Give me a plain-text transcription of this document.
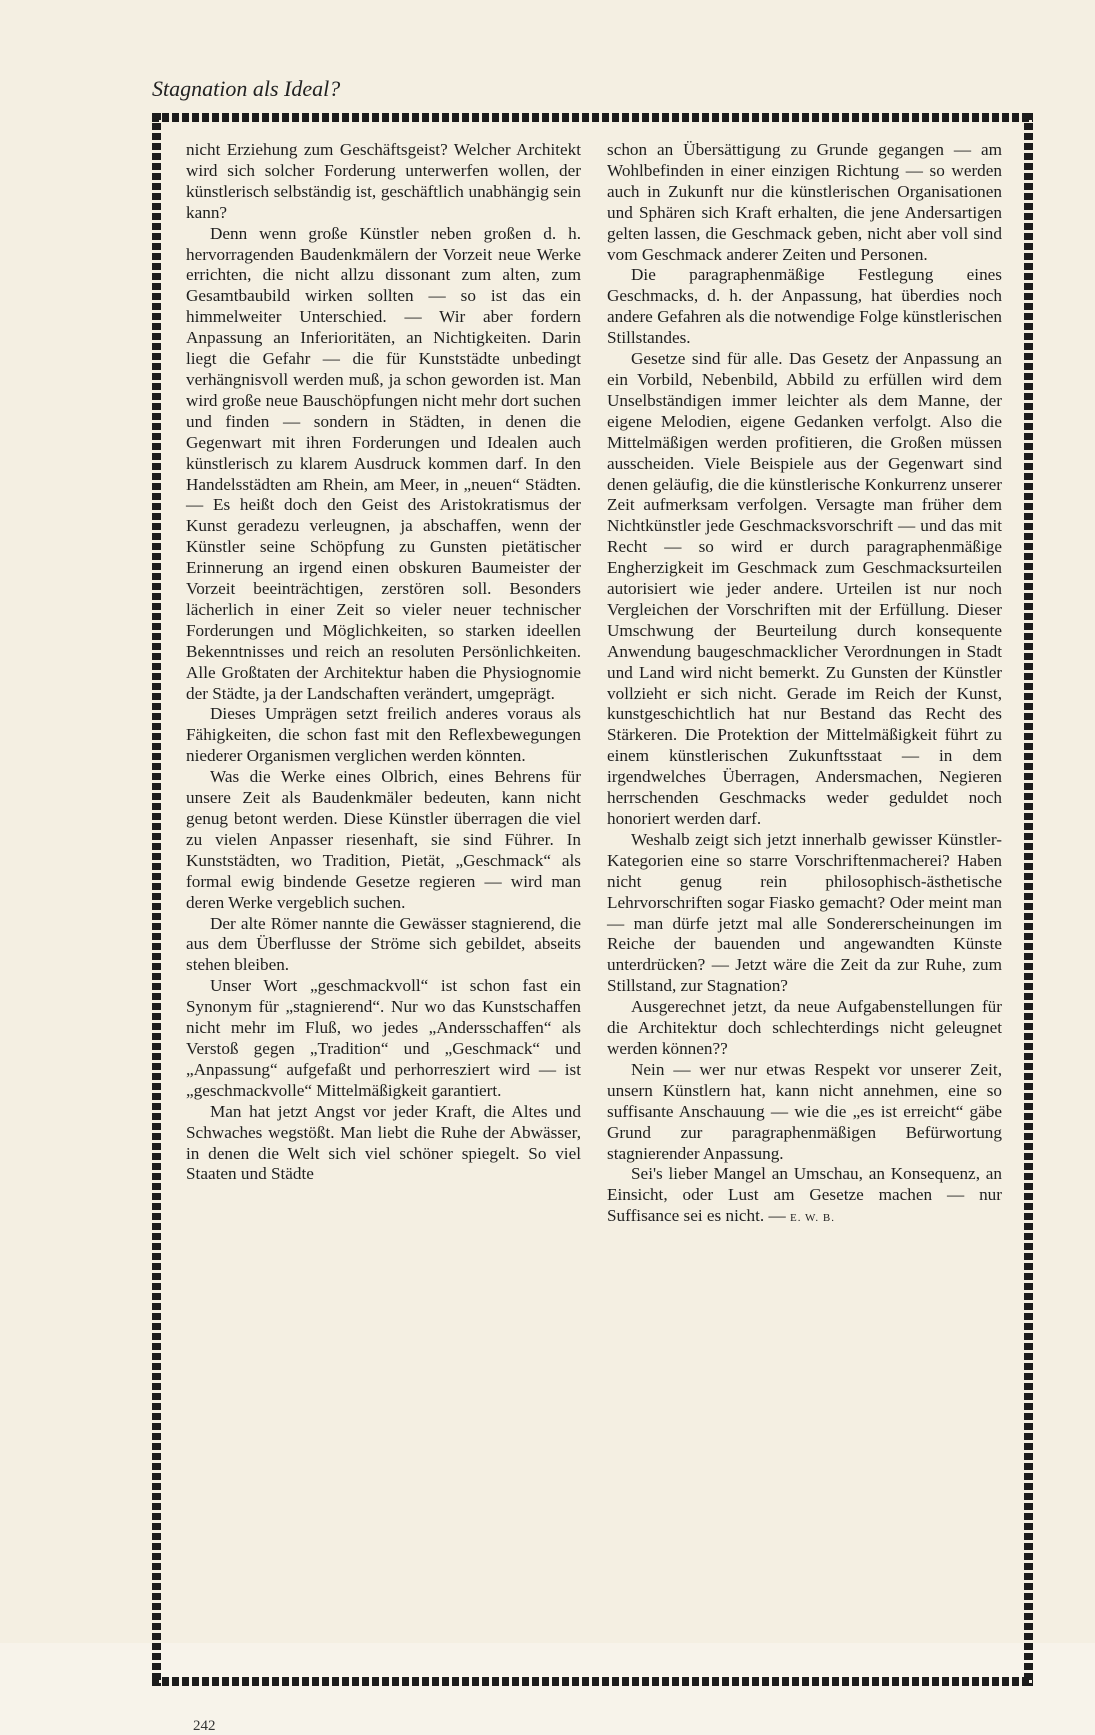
Stagnation als Ideal?

nicht Erziehung zum Geschäftsgeist? Welcher Architekt wird sich solcher Forderung unterwerfen wollen, der künstlerisch selbständig ist, geschäftlich unabhängig sein kann?

Denn wenn große Künstler neben großen d. h. hervorragenden Baudenkmälern der Vorzeit neue Werke errichten, die nicht allzu dissonant zum alten, zum Gesamtbaubild wirken sollten — so ist das ein himmelweiter Unterschied. — Wir aber fordern Anpassung an Inferioritäten, an Nichtigkeiten. Darin liegt die Gefahr — die für Kunststädte unbedingt verhängnisvoll werden muß, ja schon geworden ist. Man wird große neue Bauschöpfungen nicht mehr dort suchen und finden — sondern in Städten, in denen die Gegenwart mit ihren Forderungen und Idealen auch künstlerisch zu klarem Ausdruck kommen darf. In den Handelsstädten am Rhein, am Meer, in „neuen“ Städten. — Es heißt doch den Geist des Aristokratismus der Kunst geradezu verleugnen, ja abschaffen, wenn der Künstler seine Schöpfung zu Gunsten pietätischer Erinnerung an irgend einen obskuren Baumeister der Vorzeit beeinträchtigen, zerstören soll. Besonders lächerlich in einer Zeit so vieler neuer technischer Forderungen und Möglichkeiten, so starken ideellen Bekenntnisses und reich an resoluten Persönlichkeiten. Alle Großtaten der Architektur haben die Physiognomie der Städte, ja der Landschaften verändert, umgeprägt.

Dieses Umprägen setzt freilich anderes voraus als Fähigkeiten, die schon fast mit den Reflexbewegungen niederer Organismen verglichen werden könnten.

Was die Werke eines Olbrich, eines Behrens für unsere Zeit als Baudenkmäler bedeuten, kann nicht genug betont werden. Diese Künstler überragen die viel zu vielen Anpasser riesenhaft, sie sind Führer. In Kunststädten, wo Tradition, Pietät, „Geschmack“ als formal ewig bindende Gesetze regieren — wird man deren Werke vergeblich suchen.

Der alte Römer nannte die Gewässer stagnierend, die aus dem Überflusse der Ströme sich gebildet, abseits stehen bleiben.

Unser Wort „geschmackvoll“ ist schon fast ein Synonym für „stagnierend“. Nur wo das Kunstschaffen nicht mehr im Fluß, wo jedes „Andersschaffen“ als Verstoß gegen „Tradition“ und „Geschmack“ und „Anpassung“ aufgefaßt und perhorresziert wird — ist „geschmackvolle“ Mittelmäßigkeit garantiert.

Man hat jetzt Angst vor jeder Kraft, die Altes und Schwaches wegstößt. Man liebt die Ruhe der Abwässer, in denen die Welt sich viel schöner spiegelt. So viel Staaten und Städte

schon an Übersättigung zu Grunde gegangen — am Wohlbefinden in einer einzigen Richtung — so werden auch in Zukunft nur die künstlerischen Organisationen und Sphären sich Kraft erhalten, die jene Andersartigen gelten lassen, die Geschmack geben, nicht aber voll sind vom Geschmack anderer Zeiten und Personen.

Die paragraphenmäßige Festlegung eines Geschmacks, d. h. der Anpassung, hat überdies noch andere Gefahren als die notwendige Folge künstlerischen Stillstandes.

Gesetze sind für alle. Das Gesetz der Anpassung an ein Vorbild, Nebenbild, Abbild zu erfüllen wird dem Unselbständigen immer leichter als dem Manne, der eigene Melodien, eigene Gedanken verfolgt. Also die Mittelmäßigen werden profitieren, die Großen müssen ausscheiden. Viele Beispiele aus der Gegenwart sind denen geläufig, die die künstlerische Konkurrenz unserer Zeit aufmerksam verfolgen. Versagte man früher dem Nichtkünstler jede Geschmacksvorschrift — und das mit Recht — so wird er durch paragraphenmäßige Engherzigkeit im Geschmack zum Geschmacksurteilen autorisiert wie jeder andere. Urteilen ist nur noch Vergleichen der Vorschriften mit der Erfüllung. Dieser Umschwung der Beurteilung durch konsequente Anwendung baugeschmacklicher Verordnungen in Stadt und Land wird nicht bemerkt. Zu Gunsten der Künstler vollzieht er sich nicht. Gerade im Reich der Kunst, kunstgeschichtlich hat nur Bestand das Recht des Stärkeren. Die Protektion der Mittelmäßigkeit führt zu einem künstlerischen Zukunftsstaat — in dem irgendwelches Überragen, Andersmachen, Negieren herrschenden Geschmacks weder geduldet noch honoriert werden darf.

Weshalb zeigt sich jetzt innerhalb gewisser Künstler-Kategorien eine so starre Vorschriftenmacherei? Haben nicht genug rein philosophisch-ästhetische Lehrvorschriften sogar Fiasko gemacht? Oder meint man — man dürfe jetzt mal alle Sondererscheinungen im Reiche der bauenden und angewandten Künste unterdrücken? — Jetzt wäre die Zeit da zur Ruhe, zum Stillstand, zur Stagnation?

Ausgerechnet jetzt, da neue Aufgabenstellungen für die Architektur doch schlechterdings nicht geleugnet werden können??

Nein — wer nur etwas Respekt vor unserer Zeit, unsern Künstlern hat, kann nicht annehmen, eine so suffisante Anschauung — wie die „es ist erreicht“ gäbe Grund zur paragraphenmäßigen Befürwortung stagnierender Anpassung.

Sei's lieber Mangel an Umschau, an Konsequenz, an Einsicht, oder Lust am Gesetze machen — nur Suffisance sei es nicht. — E. W. B.

242
